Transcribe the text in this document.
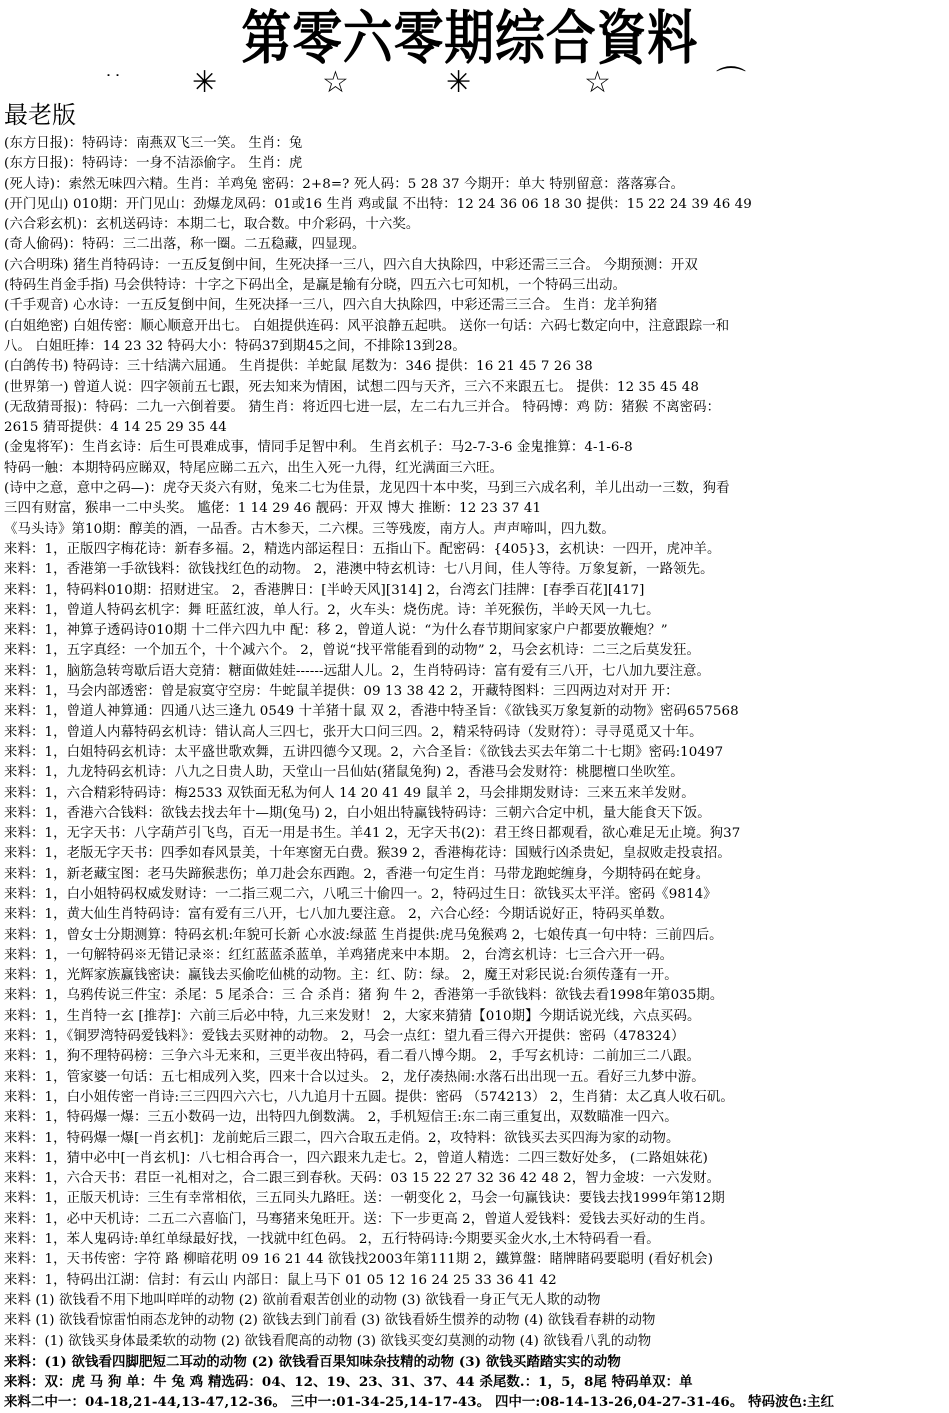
第零六零期综合資料
˙˙ ✳	☆	✳	☆	⌒
最老版
(东方日报)：特码诗：南燕双飞三一笑。 生肖：兔
(东方日报)：特码诗：一身不洁添偷字。 生肖：虎
(死人诗)：索然无味四六精。生肖：羊鸡兔 密码：2+8=? 死人码：5 28 37 今期开：单大 特别留意：落落寡合。
(开门见山) 010期：开门见山：劲爆龙凤码：01或16 生肖 鸡或鼠 不出特：12 24 36 06 18 30 提供：15 22 24 39 46 49
(六合彩玄机)：玄机送码诗：本期二七，取合数。中介彩码，十六奖。
(奇人偷码)：特码：三二出落，称一圈。二五稳藏，四显现。
(六合明珠) 猪生肖特码诗：一五反复倒中间，生死决择一三八，四六自大执除四，中彩还需三三合。 今期预测：开双
(特码生肖金手指) 马会供特诗：十字之下码出全，是赢是输有分晓，四五六七可知机，一个特码三出动。
(千手观音) 心水诗：一五反复倒中间，生死决择一三八，四六自大执除四，中彩还需三三合。 生肖：龙羊狗猪
(白姐绝密) 白姐传密：顺心顺意开出七。 白姐提供连码：风平浪静五起哄。 送你一句话：六码七数定向中，注意跟踪一和
八。 白姐旺捧：14 23 32 特码大小：特码37到期45之间，不排除13到28。
(白鸽传书) 特码诗：三十结满六屈通。 生肖提供：羊蛇鼠 尾数为：346 提供：16 21 45 7 26 38
(世界第一) 曾道人说：四字领前五七跟，死去知来为情困，试想二四与天齐，三六不来跟五七。 提供：12 35 45 48
(无敌猜哥报)：特码：二九一六倒着要。 猜生肖：将近四七进一层，左二右九三并合。 特码博：鸡 防：猪猴 不离密码：
2615 猜哥提供：4 14 25 29 35 44
(金鬼将军)：生肖玄诗：后生可畏难成事，情同手足智中利。 生肖玄机子：马2-7-3-6 金鬼推算：4-1-6-8
特码一触：本期特码应睇双，特尾应睇二五六，出生入死一九得，红光满面三六旺。
(诗中之意，意中之码—)：虎夺天炎六有财，兔来二七为佳景，龙见四十本中奖，马到三六成名利，羊儿出动一三数，狗看
三四有财富，猴串一二中头奖。 尴佬：1 14 29 46 靓码：开双 博大 推断：12 23 37 41
《马头诗》第10期：醇美的酒，一品香。古木参天，二六棵。三等残废，南方人。声声啼叫，四九数。
来料：1，正版四字梅花诗：新春多福。2，精选内部运程日：五指山下。配密码：{405}3，玄机诀：一四开，虎冲羊。
来料：1，香港第一手欲钱料：欲钱找红色的动物。 2，港澳中特玄机诗：七八月间，佳人等待。万象复新，一路领先。
来料：1，特码料010期：招财进宝。 2，香港脾日：[半岭天风][314] 2，台湾玄门挂牌：[春季百花][417]
来料：1，曾道人特码玄机字：舞 旺蓝红波，单人行。2，火车头：烧伤虎。诗：羊死猴伤，半岭天风一九七。
来料：1，神算子透码诗010期 十二伴六四九中 配：移 2，曾道人说：“为什么春节期间家家户户都要放鞭炮？”
来料：1，五字真经：一个加五个，十个减六个。 2，曾说“找平常能看到的动物” 2，马会玄机诗：二三之后莫发狂。
来料：1，脑筋急转弯歇后语大竞猜：糖面做娃娃------远甜人儿。2，生肖特码诗：富有爱有三八开，七八加九要注意。
来料：1，马会内部透密：曾是寂寞守空房：牛蛇鼠羊提供：09 13 38 42 2，开藏特图料：三四两边对对开 开：
来料：1，曾道人神算通：四通八达三逢九 0549 十羊猪十鼠 双 2，香港中特圣旨：《欲钱买万象复新的动物》密码657568
来料：1，曾道人内幕特码玄机诗：错认高人三四七，张开大口问三四。2，精采特码诗（发财符）：寻寻觅觅又十年。
来料：1，白姐特码玄机诗：太平盛世歌欢舞，五讲四德今又现。2，六合圣旨：《欲钱去买去年第二十七期》密码:10497
来料：1，九龙特码玄机诗：八九之日贵人助，天堂山一吕仙姑(猪鼠兔狗) 2，香港马会发财符：桃腮檀口坐吹笙。
来料：1，六合精彩特码诗：梅2533 双铁面无私为何人 14 20 41 49 鼠羊 2，马会排期发财诗：三来五来羊发财。
来料：1，香港六合钱料：欲钱去找去年十—期(兔马) 2，白小姐出特赢钱特码诗：三朝六合定中机，量大能食天下饭。
来料：1，无字天书：八字葫芦引飞鸟，百无一用是书生。羊41 2，无字天书(2)：君王终日都观看，欲心难足无止境。狗37
来料：1，老版无字天书：四季如春风景美，十年寒窗无白费。猴39 2，香港梅花诗：国贼行凶杀贵妃，皇叔败走投袁招。
来料：1，新老藏宝图：老马失蹄猴悲伤；单刀赴会东西跑。2，香港一句定生肖：马带龙跑蛇缠身，今期特码在蛇身。
来料：1，白小姐特码权威发财诗：一二指三观二六，八吼三十偷四一。2，特码过生日：欲钱买太平洋。密码《9814》
来料：1，黄大仙生肖特码诗：富有爱有三八开，七八加九要注意。 2，六合心经：今期话说好正，特码买单数。
来料：1，曾女士分期测算：特码玄机:年貌可长新 心水波:绿蓝 生肖提供:虎马兔猴鸡 2，七娘传真一句中特：三前四后。
来料：1，一句解特码※无错记录※：红红蓝蓝杀蓝单，羊鸡猪虎来中本期。 2，台湾玄机诗：七三合六开一码。
来料：1，光辉家族赢钱密诀：赢钱去买偷吃仙桃的动物。主：红、防：绿。 2，魔王对彩民说:台须传蓬有一开。
来料：1，乌鸦传说三件宝：杀尾：5 尾杀合：三 合 杀肖：猪 狗 牛 2，香港第一手欲钱料：欲钱去看1998年第035期。
来料：1，生肖特一玄 [推荐]：六前三后必中特，九三来发财！ 2，大家来猜猜【010期】今期话说光线，六点买码。
来料：1，《铜罗湾特码爱钱料》：爱钱去买财神的动物。 2，马会一点红：望九看三得六开提供：密码（478324）
来料：1，狗不理特码榜：三争六斗无来和，三更半夜出特码，看二看八博今期。 2，手写玄机诗：二前加三二八跟。
来料：1，管家婆一句话：五七相成列入奖，四来十合以过头。 2，龙仔凑热闹:水落石出出现一五。看好三九梦中游。
来料：1，白小姐传密一肖诗:三三四四六六七，八九追月十五圆。提供：密码 （574213） 2，生肖猜：太乙真人收石矶。
来料：1，特码爆一爆：三五小数码一边，出特四九倒数满。 2，手机短信王:东二南三重复出，双数瞄准一四六。
来料：1，特码爆一爆[一肖玄机]：龙前蛇后三跟二，四六合取五走俏。2，攻特料：欲钱买去买四海为家的动物。
来料：1，猜中必中[一肖玄机]：八七相合再合一，四六跟来九走七。2，曾道人精选：二四三数好处多， (二路姐妹花)
来料：1，六合天书：君臣一礼相对之，合二跟三到春秋。天码：03 15 22 27 32 36 42 48 2，智力金坡：一六发财。
来料：1，正版天机诗：三生有幸常相依，三五同头九路旺。送：一朝变化 2，马会一句赢钱诀：要钱去找1999年第12期
来料：1，必中天机诗：二五二六喜临门，马骞猪来兔旺开。送：下一步更高 2，曾道人爱钱料：爱钱去买好动的生肖。
来料：1，苯人鬼码诗:单红单绿最好找，一找就中红色码。 2，五行特码诗:今期要买金火水,土木特码看一看。
来料：1，天书传密：字符 路 柳暗花明 09 16 21 44 欲钱找2003年第111期 2，鐵算盤：睹牌睹码要聪明 (看好机会)
来料：1，特码出江湖：信封：有云山 内部日：鼠上马下 01 05 12 16 24 25 33 36 41 42
来料 (1) 欲钱看不用下地叫咩咩的动物 (2) 欲前看艰苦创业的动物 (3) 欲钱看一身正气无人欺的动物
来料 (1) 欲钱看惊雷怕雨态龙钟的动物 (2) 欲钱去到门前看 (3) 欲钱看娇生惯养的动物 (4) 欲钱看春耕的动物
来料：(1) 欲钱买身体最柔软的动物 (2) 欲钱看爬高的动物 (3) 欲钱买变幻莫测的动物 (4) 欲钱看八乳的动物
来料：(1) 欲钱看四脚肥短二耳动的动物 (2) 欲钱看百果知味杂技精的动物 (3) 欲钱买踏踏实实的动物
来料：双：虎 马 狗 单：牛 兔 鸡 精选码：04、12、19、23、31、37、44 杀尾数.：1，5，8尾 特码单双：单
来料二中一：04-18,21-44,13-47,12-36。 三中一:01-34-25,14-17-43。 四中一:08-14-13-26,04-27-31-46。 特码波色:主红
